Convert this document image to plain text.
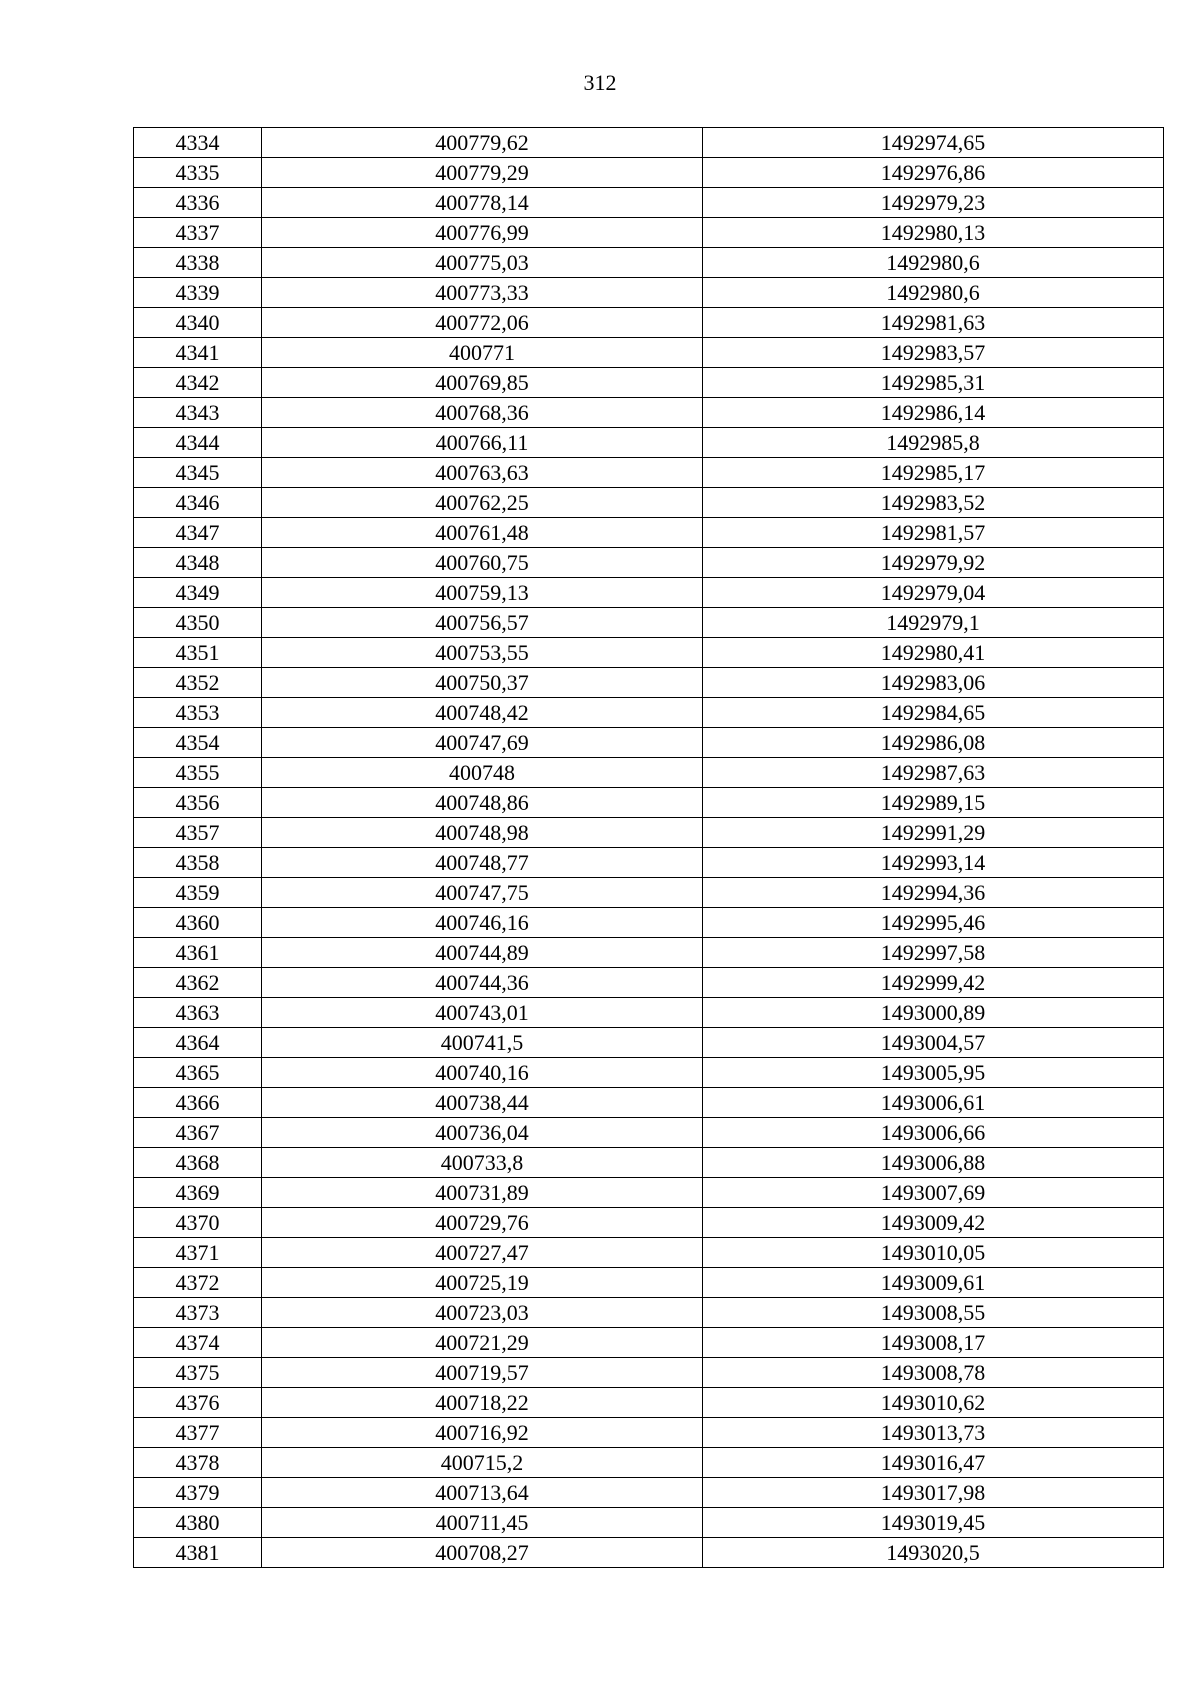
312
4334	400779,62	1492974,65
4335	400779,29	1492976,86
4336	400778,14	1492979,23
4337	400776,99	1492980,13
4338	400775,03	1492980,6
4339	400773,33	1492980,6
4340	400772,06	1492981,63
4341	400771	1492983,57
4342	400769,85	1492985,31
4343	400768,36	1492986,14
4344	400766,11	1492985,8
4345	400763,63	1492985,17
4346	400762,25	1492983,52
4347	400761,48	1492981,57
4348	400760,75	1492979,92
4349	400759,13	1492979,04
4350	400756,57	1492979,1
4351	400753,55	1492980,41
4352	400750,37	1492983,06
4353	400748,42	1492984,65
4354	400747,69	1492986,08
4355	400748	1492987,63
4356	400748,86	1492989,15
4357	400748,98	1492991,29
4358	400748,77	1492993,14
4359	400747,75	1492994,36
4360	400746,16	1492995,46
4361	400744,89	1492997,58
4362	400744,36	1492999,42
4363	400743,01	1493000,89
4364	400741,5	1493004,57
4365	400740,16	1493005,95
4366	400738,44	1493006,61
4367	400736,04	1493006,66
4368	400733,8	1493006,88
4369	400731,89	1493007,69
4370	400729,76	1493009,42
4371	400727,47	1493010,05
4372	400725,19	1493009,61
4373	400723,03	1493008,55
4374	400721,29	1493008,17
4375	400719,57	1493008,78
4376	400718,22	1493010,62
4377	400716,92	1493013,73
4378	400715,2	1493016,47
4379	400713,64	1493017,98
4380	400711,45	1493019,45
4381	400708,27	1493020,5
